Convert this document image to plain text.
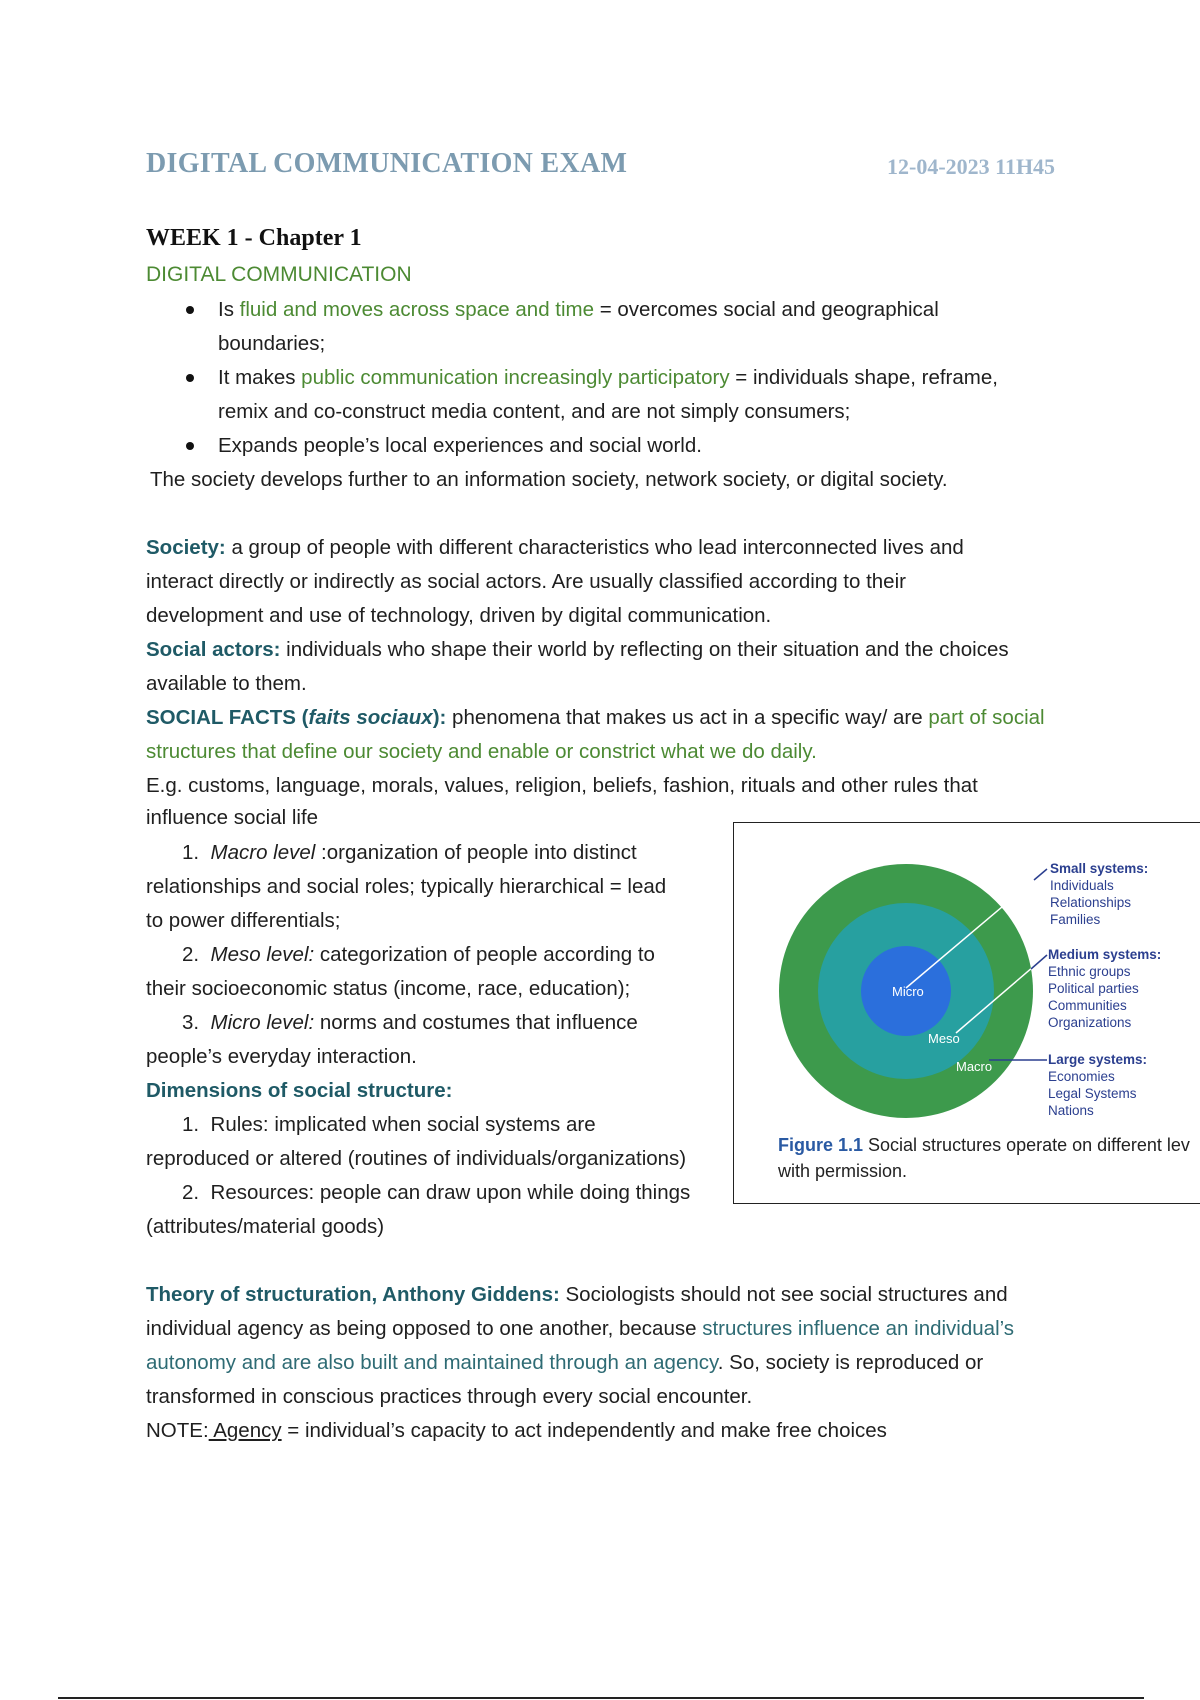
DIGITAL COMMUNICATION EXAM	12-04-2023 11H45
WEEK 1 - Chapter 1
DIGITAL COMMUNICATION
Is fluid and moves across space and time = overcomes social and geographical
boundaries;
It makes public communication increasingly participatory = individuals shape, reframe,
remix and co-construct media content, and are not simply consumers;
Expands people’s local experiences and social world.
The society develops further to an information society, network society, or digital society.
Society: a group of people with different characteristics who lead interconnected lives and
interact directly or indirectly as social actors. Are usually classified according to their
development and use of technology, driven by digital communication.
Social actors: individuals who shape their world by reflecting on their situation and the choices
available to them.
SOCIAL FACTS (faits sociaux): phenomena that makes us act in a specific way/ are part of social
structures that define our society and enable or constrict what we do daily.
E.g. customs, language, morals, values, religion, beliefs, fashion, rituals and other rules that
influence social life
1. Macro level :organization of people into distinct
relationships and social roles; typically hierarchical = lead
to power differentials;
2. Meso level: categorization of people according to
their socioeconomic status (income, race, education);
3. Micro level: norms and costumes that influence
people’s everyday interaction.
Dimensions of social structure:
1. Rules: implicated when social systems are
reproduced or altered (routines of individuals/organizations)
2. Resources: people can draw upon while doing things
(attributes/material goods)
Micro
Meso
Macro
Small systems:
Individuals
Relationships
Families
Medium systems:
Ethnic groups
Political parties
Communities
Organizations
Large systems:
Economies
Legal Systems
Nations
Figure 1.1 Social structures operate on different lev
with permission.
Theory of structuration, Anthony Giddens: Sociologists should not see social structures and
individual agency as being opposed to one another, because structures influence an individual’s
autonomy and are also built and maintained through an agency. So, society is reproduced or
transformed in conscious practices through every social encounter.
NOTE: Agency = individual’s capacity to act independently and make free choices
